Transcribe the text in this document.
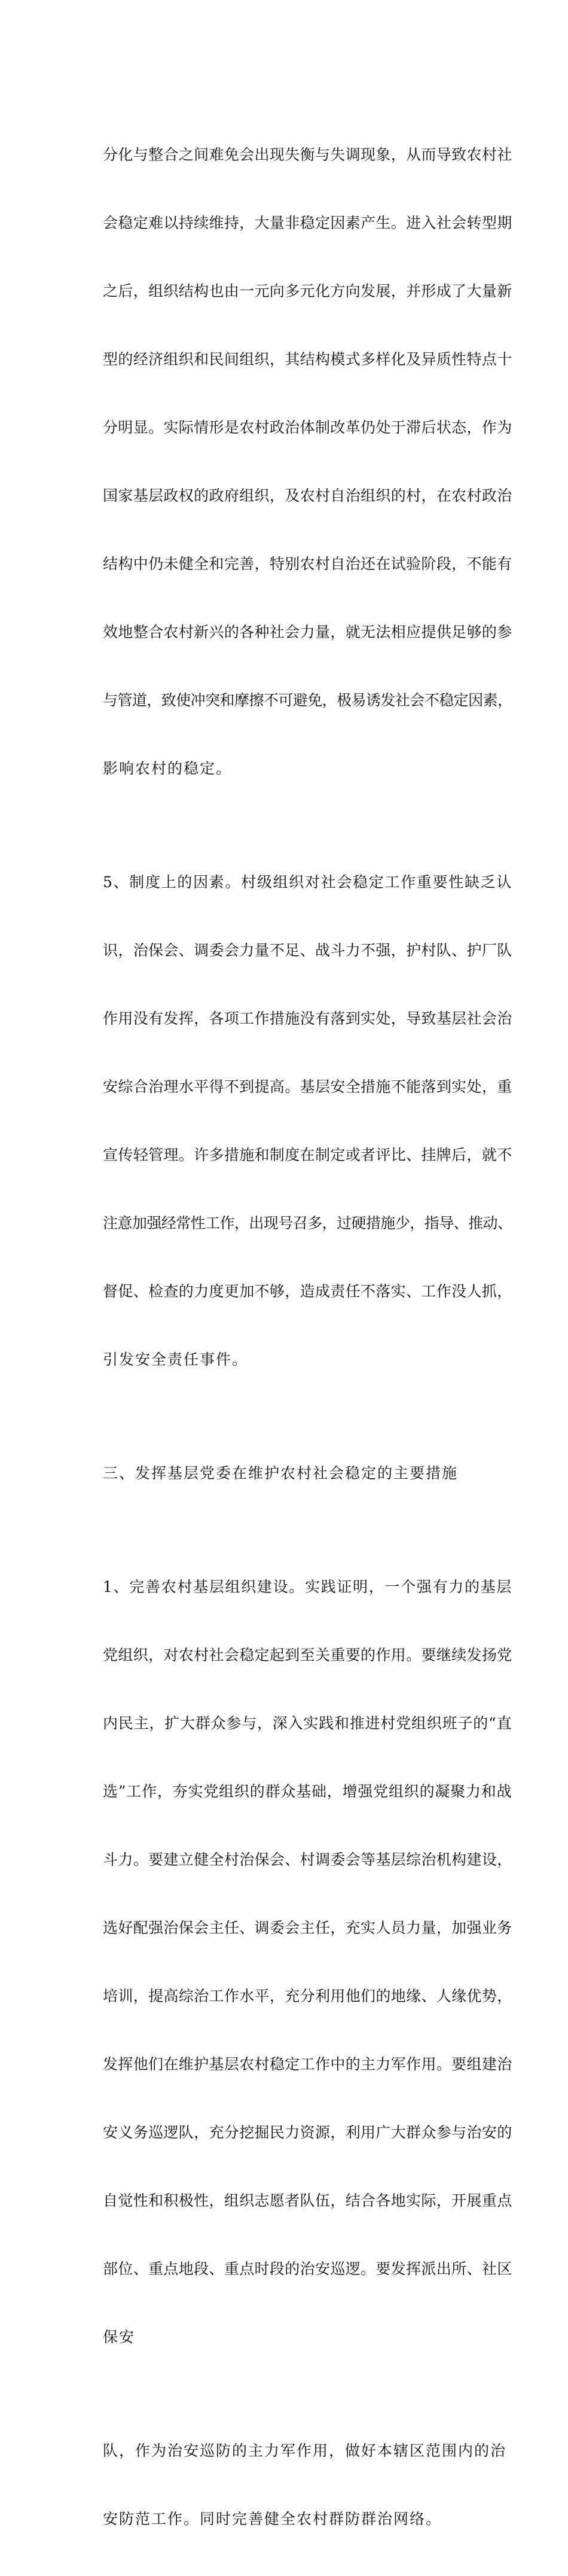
分化与整合之间难免会出现失衡与失调现象，从而导致农村社

会稳定难以持续维持，大量非稳定因素产生。进入社会转型期

之后，组织结构也由一元向多元化方向发展，并形成了大量新

型的经济组织和民间组织，其结构模式多样化及异质性特点十

分明显。实际情形是农村政治体制改革仍处于滞后状态，作为

国家基层政权的政府组织，及农村自治组织的村，在农村政治

结构中仍未健全和完善，特别农村自治还在试验阶段，不能有

效地整合农村新兴的各种社会力量，就无法相应提供足够的参

与管道，致使冲突和摩擦不可避免，极易诱发社会不稳定因素，

影响农村的稳定。

5、制度上的因素。村级组织对社会稳定工作重要性缺乏认

识，治保会、调委会力量不足、战斗力不强，护村队、护厂队

作用没有发挥，各项工作措施没有落到实处，导致基层社会治

安综合治理水平得不到提高。基层安全措施不能落到实处，重

宣传轻管理。许多措施和制度在制定或者评比、挂牌后，就不

注意加强经常性工作，出现号召多，过硬措施少，指导、推动、

督促、检查的力度更加不够，造成责任不落实、工作没人抓，

引发安全责任事件。

三、发挥基层党委在维护农村社会稳定的主要措施

1、完善农村基层组织建设。实践证明，一个强有力的基层

党组织，对农村社会稳定起到至关重要的作用。要继续发扬党

内民主，扩大群众参与，深入实践和推进村党组织班子的“直

选”工作，夯实党组织的群众基础，增强党组织的凝聚力和战

斗力。要建立健全村治保会、村调委会等基层综治机构建设，

选好配强治保会主任、调委会主任，充实人员力量，加强业务

培训，提高综治工作水平，充分利用他们的地缘、人缘优势，

发挥他们在维护基层农村稳定工作中的主力军作用。要组建治

安义务巡逻队，充分挖掘民力资源，利用广大群众参与治安的

自觉性和积极性，组织志愿者队伍，结合各地实际，开展重点

部位、重点地段、重点时段的治安巡逻。要发挥派出所、社区

保安

队，作为治安巡防的主力军作用，做好本辖区范围内的治

安防范工作。同时完善健全农村群防群治网络。
